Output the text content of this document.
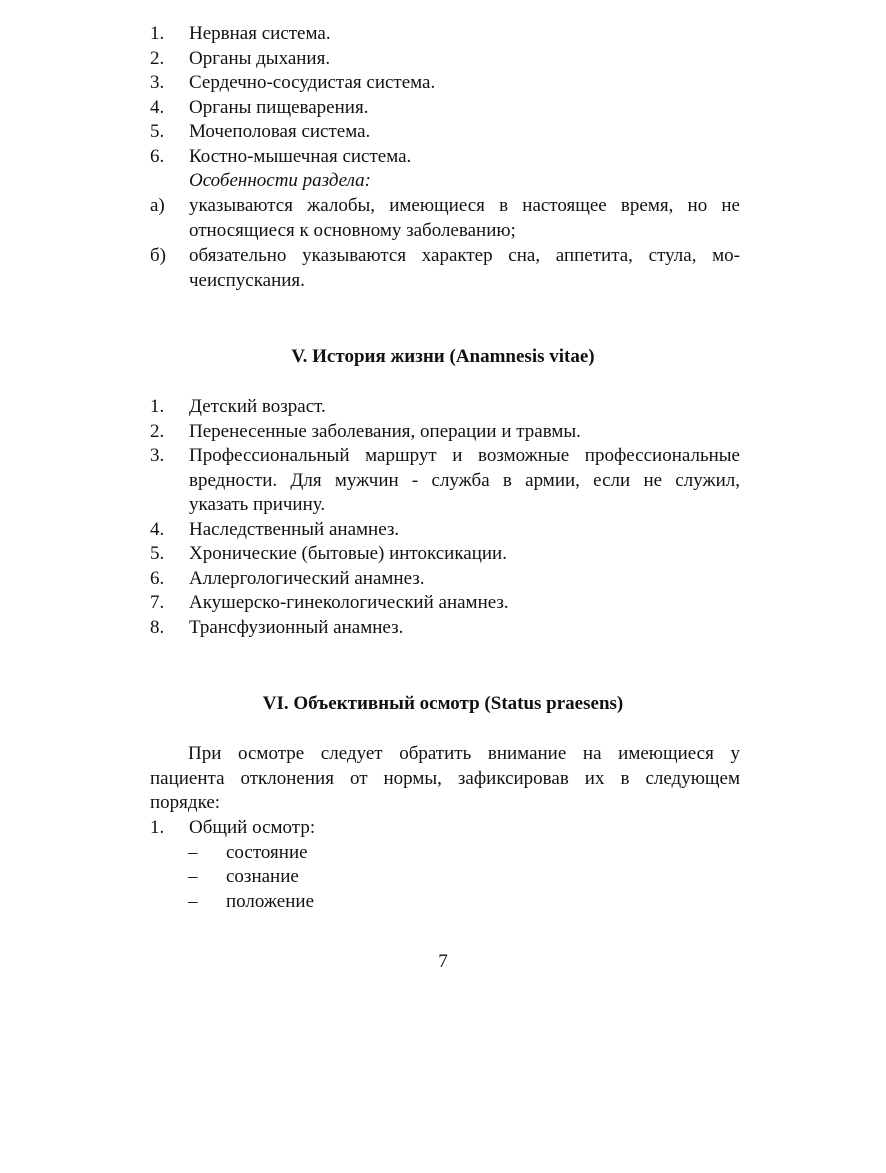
1. Нервная система.
2. Органы дыхания.
3. Сердечно-сосудистая система.
4. Органы пищеварения.
5. Мочеполовая система.
6. Костно-мышечная система.
Особенности раздела:
а) указываются жалобы, имеющиеся в настоящее время, но не
относящиеся к основному заболеванию;
б) обязательно указываются характер сна, аппетита, стула, мо-
чеиспускания.
V. История жизни (Anamnesis vitae)
1. Детский возраст.
2. Перенесенные заболевания, операции и травмы.
3. Профессиональный маршрут и возможные профессиональные
вредности. Для мужчин - служба в армии, если не служил,
указать причину.
4. Наследственный анамнез.
5. Хронические (бытовые) интоксикации.
6. Аллергологический анамнез.
7. Акушерско-гинекологический анамнез.
8. Трансфузионный анамнез.
VI. Объективный осмотр (Status praesens)
При осмотре следует обратить внимание на имеющиеся у
пациента отклонения от нормы, зафиксировав их в следующем
порядке:
1. Общий осмотр:
– состояние
– сознание
– положение
7
